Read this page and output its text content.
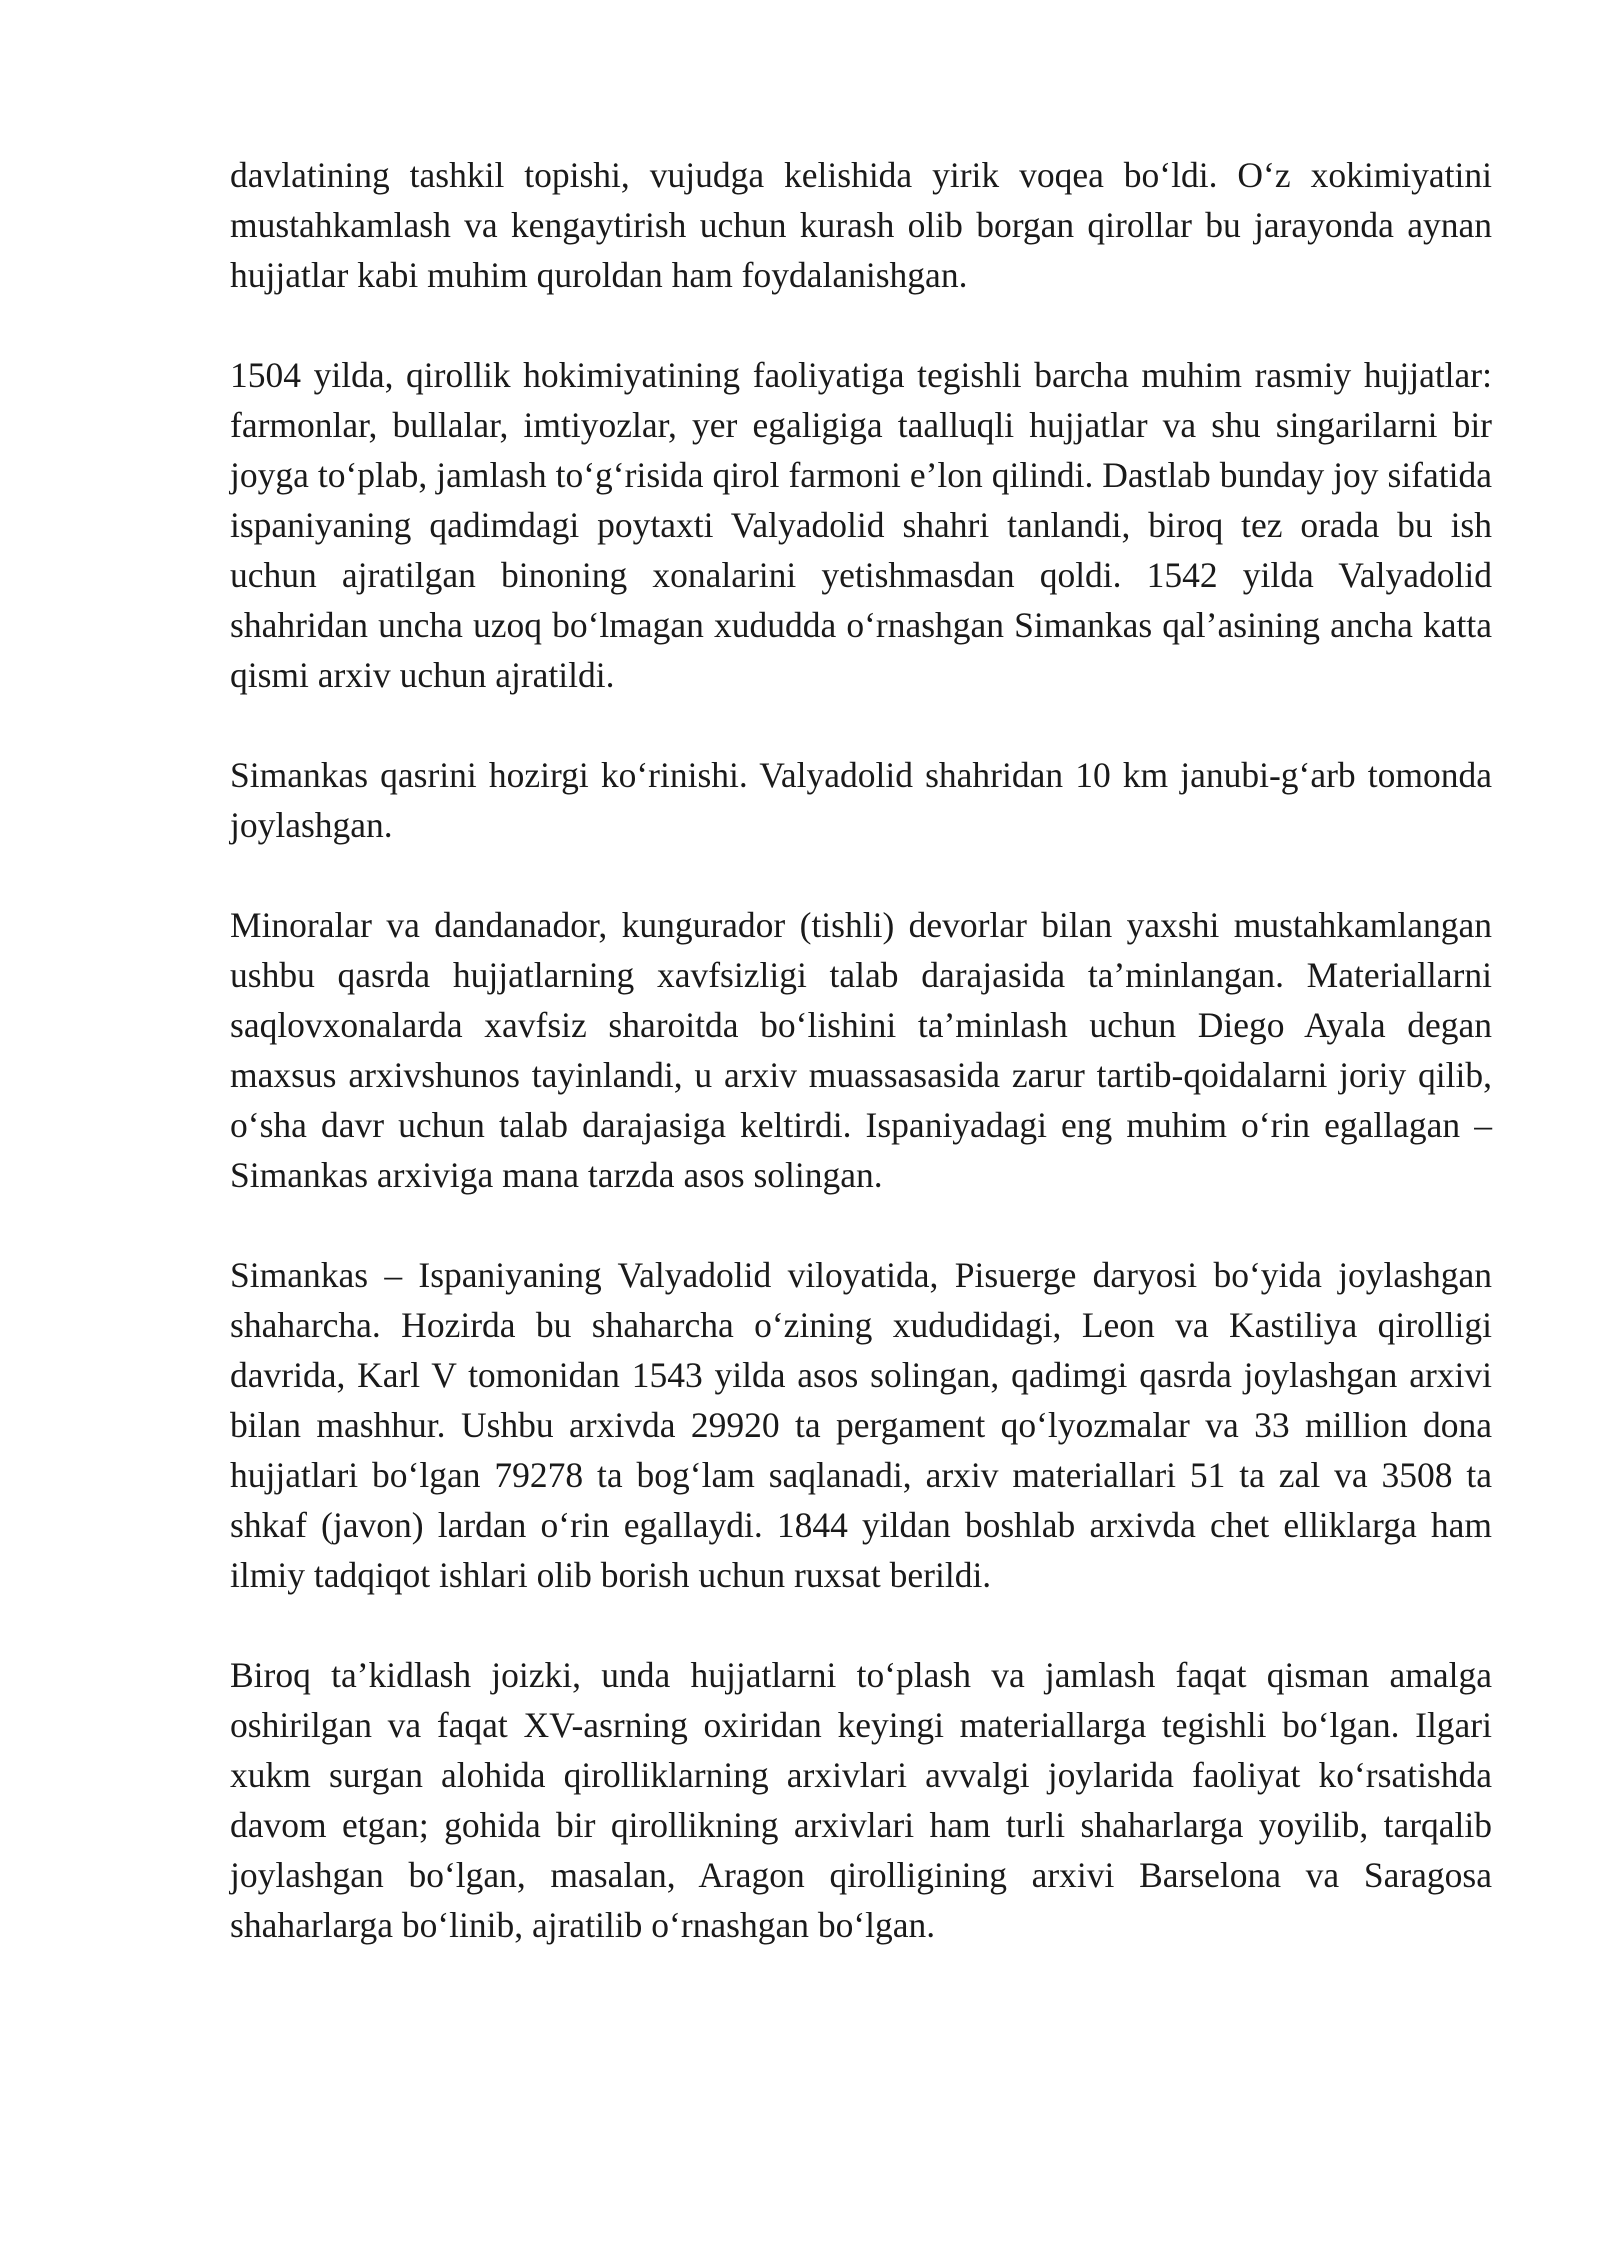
davlatining tashkil topishi, vujudga kelishida yirik voqea bo‘ldi. O‘z xokimiyatini mustahkamlash va kengaytirish uchun kurash olib borgan qirollar bu jarayonda aynan hujjatlar kabi muhim quroldan ham foydalanishgan.

1504 yilda, qirollik hokimiyatining faoliyatiga tegishli barcha muhim rasmiy hujjatlar: farmonlar, bullalar, imtiyozlar, yer egaligiga taalluqli hujjatlar va shu singarilarni bir joyga to‘plab, jamlash to‘g‘risida qirol farmoni e’lon qilindi. Dastlab bunday joy sifatida ispaniyaning qadimdagi poytaxti Valyadolid shahri tanlandi, biroq tez orada bu ish uchun ajratilgan binoning xonalarini yetishmasdan qoldi. 1542 yilda Valyadolid shahridan uncha uzoq bo‘lmagan xududda o‘rnashgan Simankas qal’asining ancha katta qismi arxiv uchun ajratildi.

Simankas qasrini hozirgi ko‘rinishi. Valyadolid shahridan 10 km janubi-g‘arb tomonda joylashgan.

Minoralar va dandanador, kungurador (tishli) devorlar bilan yaxshi mustahkamlangan ushbu qasrda hujjatlarning xavfsizligi talab darajasida ta’minlangan. Materiallarni saqlovxonalarda xavfsiz sharoitda bo‘lishini ta’minlash uchun Diego Ayala degan maxsus arxivshunos tayinlandi, u arxiv muassasasida zarur tartib-qoidalarni joriy qilib, o‘sha davr uchun talab darajasiga keltirdi. Ispaniyadagi eng muhim o‘rin egallagan – Simankas arxiviga mana tarzda asos solingan.

Simankas – Ispaniyaning Valyadolid viloyatida, Pisuerge daryosi bo‘yida joylashgan shaharcha. Hozirda bu shaharcha o‘zining xududidagi, Leon va Kastiliya qirolligi davrida, Karl V tomonidan 1543 yilda asos solingan, qadimgi qasrda joylashgan arxivi bilan mashhur. Ushbu arxivda 29920 ta pergament qo‘lyozmalar va 33 million dona hujjatlari bo‘lgan 79278 ta bog‘lam saqlanadi, arxiv materiallari 51 ta zal va 3508 ta shkaf (javon) lardan o‘rin egallaydi. 1844 yildan boshlab arxivda chet elliklarga ham ilmiy tadqiqot ishlari olib borish uchun ruxsat berildi.

Biroq ta’kidlash joizki, unda hujjatlarni to‘plash va jamlash faqat qisman amalga oshirilgan va faqat XV-asrning oxiridan keyingi materiallarga tegishli bo‘lgan. Ilgari xukm surgan alohida qirolliklarning arxivlari avvalgi joylarida faoliyat ko‘rsatishda davom etgan; gohida bir qirollikning arxivlari ham turli shaharlarga yoyilib, tarqalib joylashgan bo‘lgan, masalan, Aragon qirolligining arxivi Barselona va Saragosa shaharlarga bo‘linib, ajratilib o‘rnashgan bo‘lgan.
